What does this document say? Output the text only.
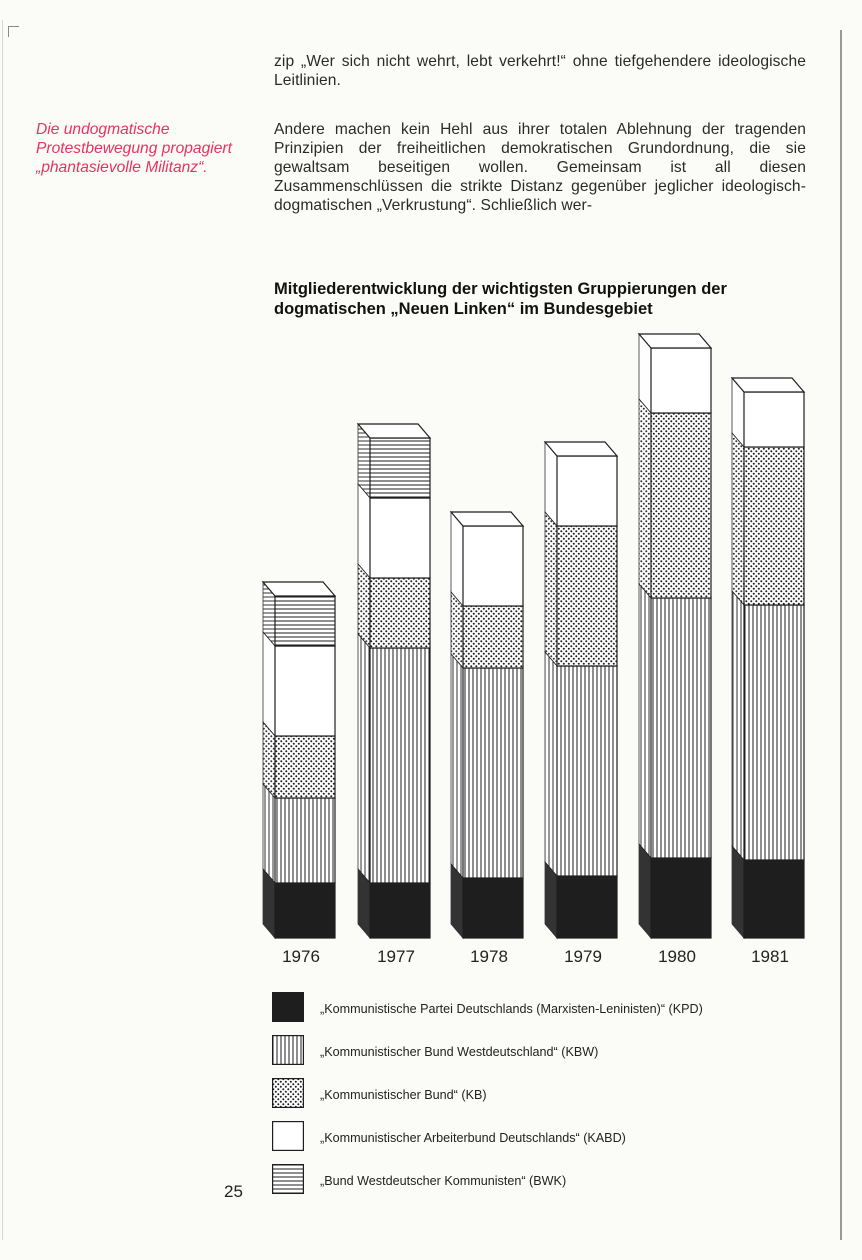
zip „Wer sich nicht wehrt, lebt verkehrt!“ ohne tiefgehendere ideologische Leitlinien.

Die undogmatische Protestbewegung propagiert „phantasievolle Militanz“.

Andere machen kein Hehl aus ihrer totalen Ablehnung der tragenden Prinzipien der freiheitlichen demokratischen Grundordnung, die sie gewaltsam beseitigen wollen. Gemeinsam ist all diesen Zusammenschlüssen die strikte Distanz gegenüber jeglicher ideologisch-dogmatischen „Verkrustung“. Schließlich wer-

Mitgliederentwicklung der wichtigsten Gruppierungen der dogmatischen „Neuen Linken“ im Bundesgebiet
1976	1977	1978	1979	1980	1981
„Kommunistische Partei Deutschlands (Marxisten-Leninisten)“ (KPD)
„Kommunistischer Bund Westdeutschland“ (KBW)
„Kommunistischer Bund“ (KB)
„Kommunistischer Arbeiterbund Deutschlands“ (KABD)
„Bund Westdeutscher Kommunisten“ (BWK)
25
